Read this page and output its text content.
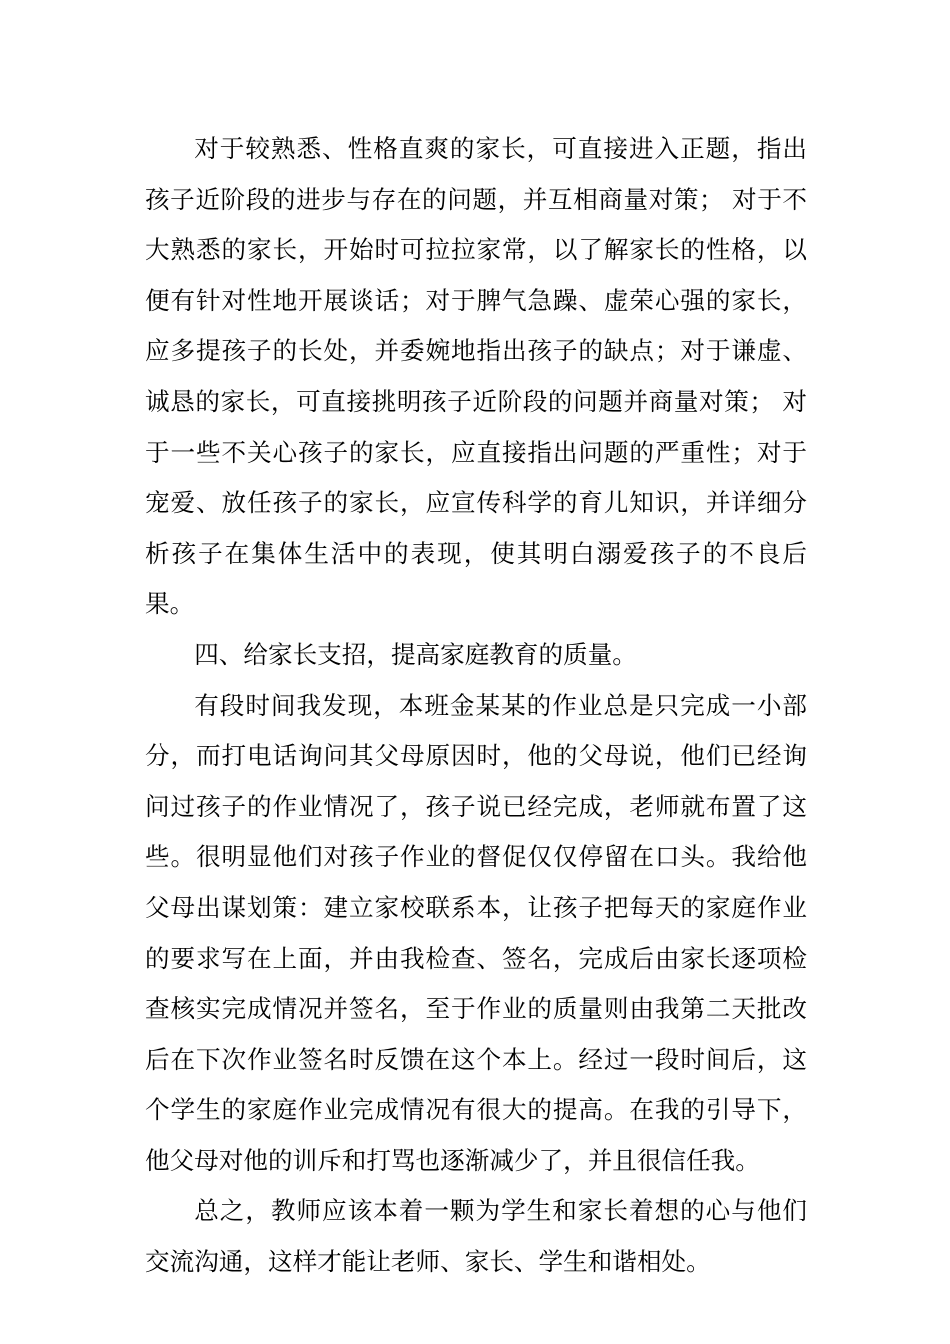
对于较熟悉、性格直爽的家长，可直接进入正题，指出孩子近阶段的进步与存在的问题，并互相商量对策； 对于不大熟悉的家长，开始时可拉拉家常，以了解家长的性格，以便有针对性地开展谈话；对于脾气急躁、虚荣心强的家长，应多提孩子的长处，并委婉地指出孩子的缺点；对于谦虚、诚恳的家长，可直接挑明孩子近阶段的问题并商量对策； 对于一些不关心孩子的家长，应直接指出问题的严重性；对于宠爱、放任孩子的家长，应宣传科学的育儿知识，并详细分析孩子在集体生活中的表现，使其明白溺爱孩子的不良后果。

四、给家长支招，提高家庭教育的质量。

有段时间我发现，本班金某某的作业总是只完成一小部分，而打电话询问其父母原因时，他的父母说，他们已经询问过孩子的作业情况了，孩子说已经完成，老师就布置了这些。很明显他们对孩子作业的督促仅仅停留在口头。我给他父母出谋划策：建立家校联系本，让孩子把每天的家庭作业的要求写在上面，并由我检查、签名，完成后由家长逐项检查核实完成情况并签名，至于作业的质量则由我第二天批改后在下次作业签名时反馈在这个本上。经过一段时间后，这个学生的家庭作业完成情况有很大的提高。在我的引导下，他父母对他的训斥和打骂也逐渐减少了，并且很信任我。

总之，教师应该本着一颗为学生和家长着想的心与他们交流沟通，这样才能让老师、家长、学生和谐相处。
